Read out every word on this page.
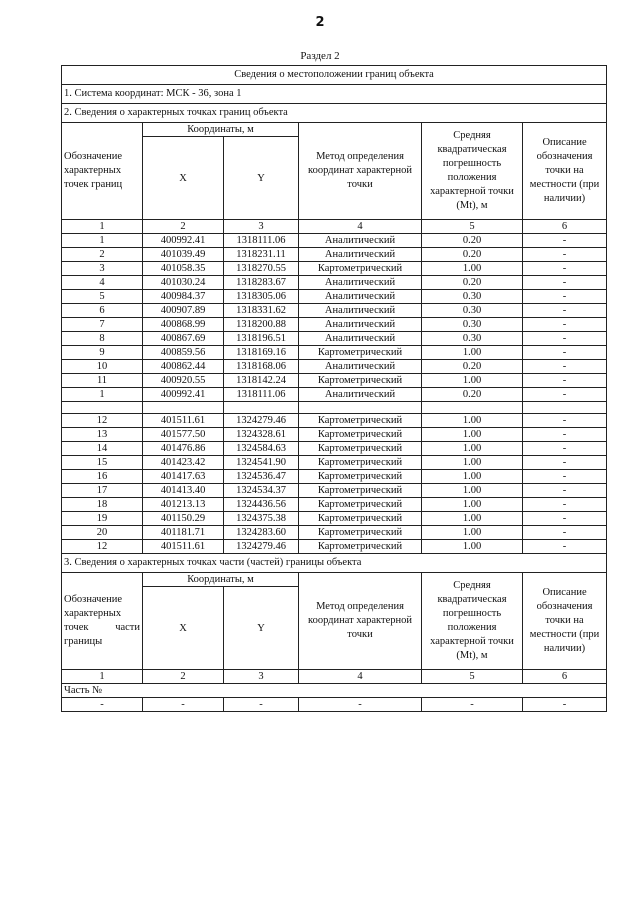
2
Раздел 2
Сведения о местоположении границ объекта					
1. Система координат: МСК - 36, зона 1					
2. Сведения о характерных точках границ объекта					
Обозначение характерных точек границ	Координаты, м		Метод определения координат характерной точки	Средняя квадратическая погрешность положения характерной точки (Mt), м	Описание обозначения точки на местности (при наличии)
	X	Y			
1	2	3	4	5	6
1	400992.41	1318111.06	Аналитический	0.20	-
2	401039.49	1318231.11	Аналитический	0.20	-
3	401058.35	1318270.55	Картометрический	1.00	-
4	401030.24	1318283.67	Аналитический	0.20	-
5	400984.37	1318305.06	Аналитический	0.30	-
6	400907.89	1318331.62	Аналитический	0.30	-
7	400868.99	1318200.88	Аналитический	0.30	-
8	400867.69	1318196.51	Аналитический	0.30	-
9	400859.56	1318169.16	Картометрический	1.00	-
10	400862.44	1318168.06	Аналитический	0.20	-
11	400920.55	1318142.24	Картометрический	1.00	-
1	400992.41	1318111.06	Аналитический	0.20	-

12	401511.61	1324279.46	Картометрический	1.00	-
13	401577.50	1324328.61	Картометрический	1.00	-
14	401476.86	1324584.63	Картометрический	1.00	-
15	401423.42	1324541.90	Картометрический	1.00	-
16	401417.63	1324536.47	Картометрический	1.00	-
17	401413.40	1324534.37	Картометрический	1.00	-
18	401213.13	1324436.56	Картометрический	1.00	-
19	401150.29	1324375.38	Картометрический	1.00	-
20	401181.71	1324283.60	Картометрический	1.00	-
12	401511.61	1324279.46	Картометрический	1.00	-
3. Сведения о характерных точках части (частей) границы объекта					
Обозначение характерных точек части границы	Координаты, м		Метод определения координат характерной точки	Средняя квадратическая погрешность положения характерной точки (Mt), м	Описание обозначения точки на местности (при наличии)
	X	Y			
1	2	3	4	5	6
Часть №					
-	-	-	-	-	-
